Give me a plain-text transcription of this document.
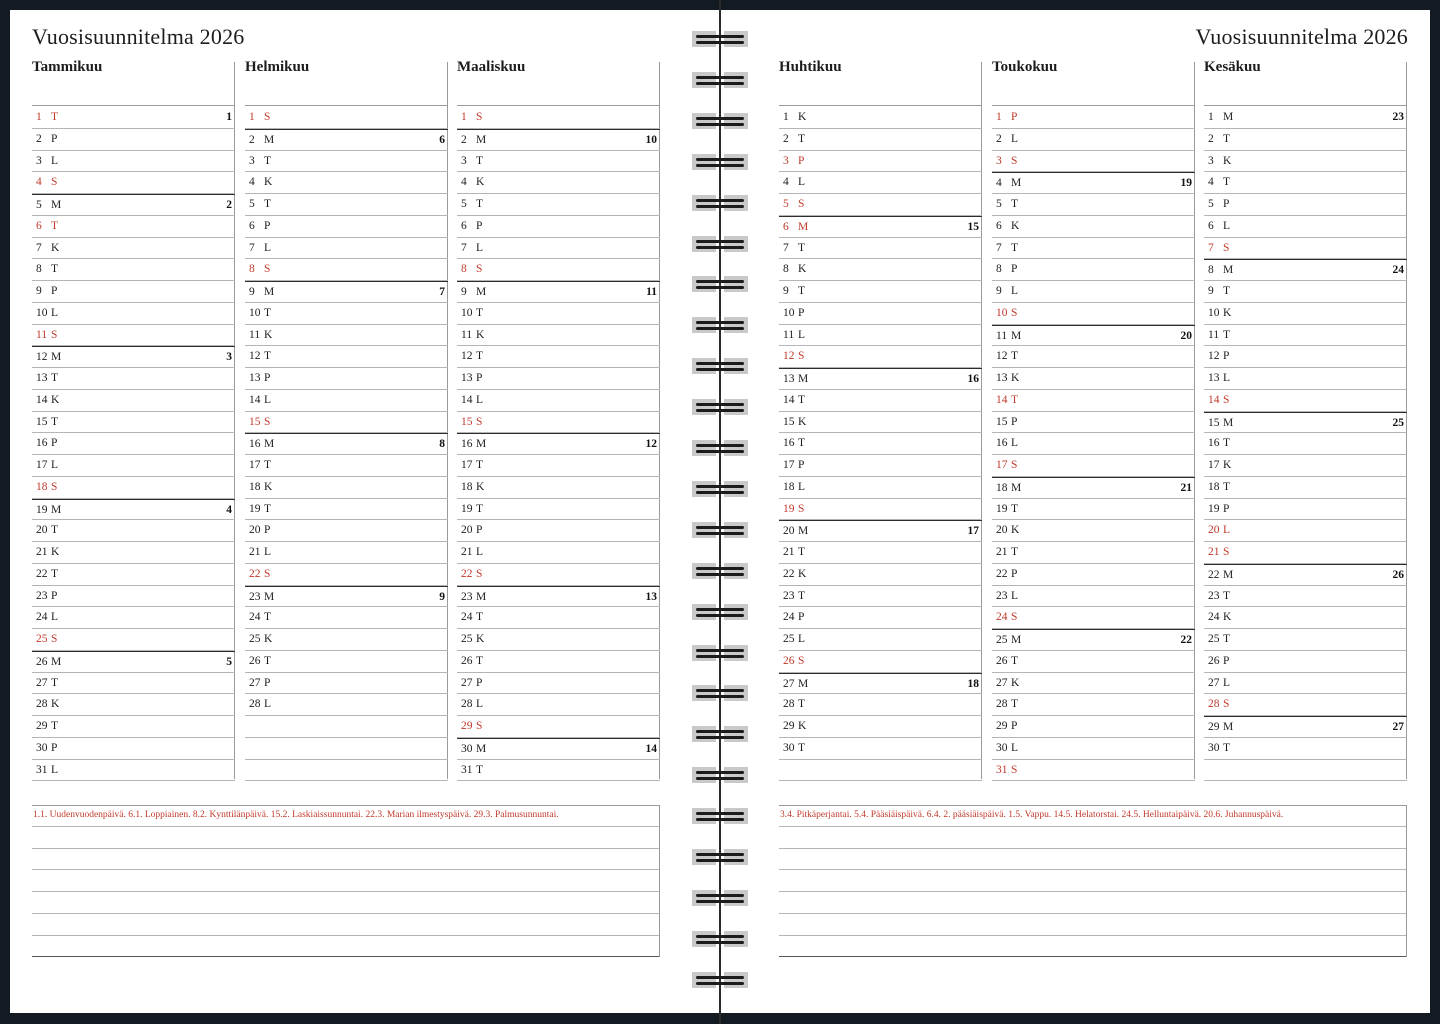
Vuosisuunnitelma 2026
Tammikuu
1 T	1
2 P
3 L
4 S
5 M	2
6 T
7 K
8 T
9 P
10 L
11 S
12 M	3
13 T
14 K
15 T
16 P
17 L
18 S
19 M	4
20 T
21 K
22 T
23 P
24 L
25 S
26 M	5
27 T
28 K
29 T
30 P
31 L
Helmikuu
1 S
2 M	6
3 T
4 K
5 T
6 P
7 L
8 S
9 M	7
10 T
11 K
12 T
13 P
14 L
15 S
16 M	8
17 T
18 K
19 T
20 P
21 L
22 S
23 M	9
24 T
25 K
26 T
27 P
28 L
Maaliskuu
1 S
2 M	10
3 T
4 K
5 T
6 P
7 L
8 S
9 M	11
10 T
11 K
12 T
13 P
14 L
15 S
16 M	12
17 T
18 K
19 T
20 P
21 L
22 S
23 M	13
24 T
25 K
26 T
27 P
28 L
29 S
30 M	14
31 T
1.1. Uudenvuodenpäivä. 6.1. Loppiainen. 8.2. Kynttilänpäivä. 15.2. Laskiaissunnuntai. 22.3. Marian ilmestyspäivä. 29.3. Palmusunnuntai.
Vuosisuunnitelma 2026
Huhtikuu
1 K
2 T
3 P
4 L
5 S
6 M	15
7 T
8 K
9 T
10 P
11 L
12 S
13 M	16
14 T
15 K
16 T
17 P
18 L
19 S
20 M	17
21 T
22 K
23 T
24 P
25 L
26 S
27 M	18
28 T
29 K
30 T
Toukokuu
1 P
2 L
3 S
4 M	19
5 T
6 K
7 T
8 P
9 L
10 S
11 M	20
12 T
13 K
14 T
15 P
16 L
17 S
18 M	21
19 T
20 K
21 T
22 P
23 L
24 S
25 M	22
26 T
27 K
28 T
29 P
30 L
31 S
Kesäkuu
1 M	23
2 T
3 K
4 T
5 P
6 L
7 S
8 M	24
9 T
10 K
11 T
12 P
13 L
14 S
15 M	25
16 T
17 K
18 T
19 P
20 L
21 S
22 M	26
23 T
24 K
25 T
26 P
27 L
28 S
29 M	27
30 T
3.4. Pitkäperjantai. 5.4. Pääsiäispäivä. 6.4. 2. pääsiäispäivä. 1.5. Vappu. 14.5. Helatorstai. 24.5. Helluntaipäivä. 20.6. Juhannuspäivä.
